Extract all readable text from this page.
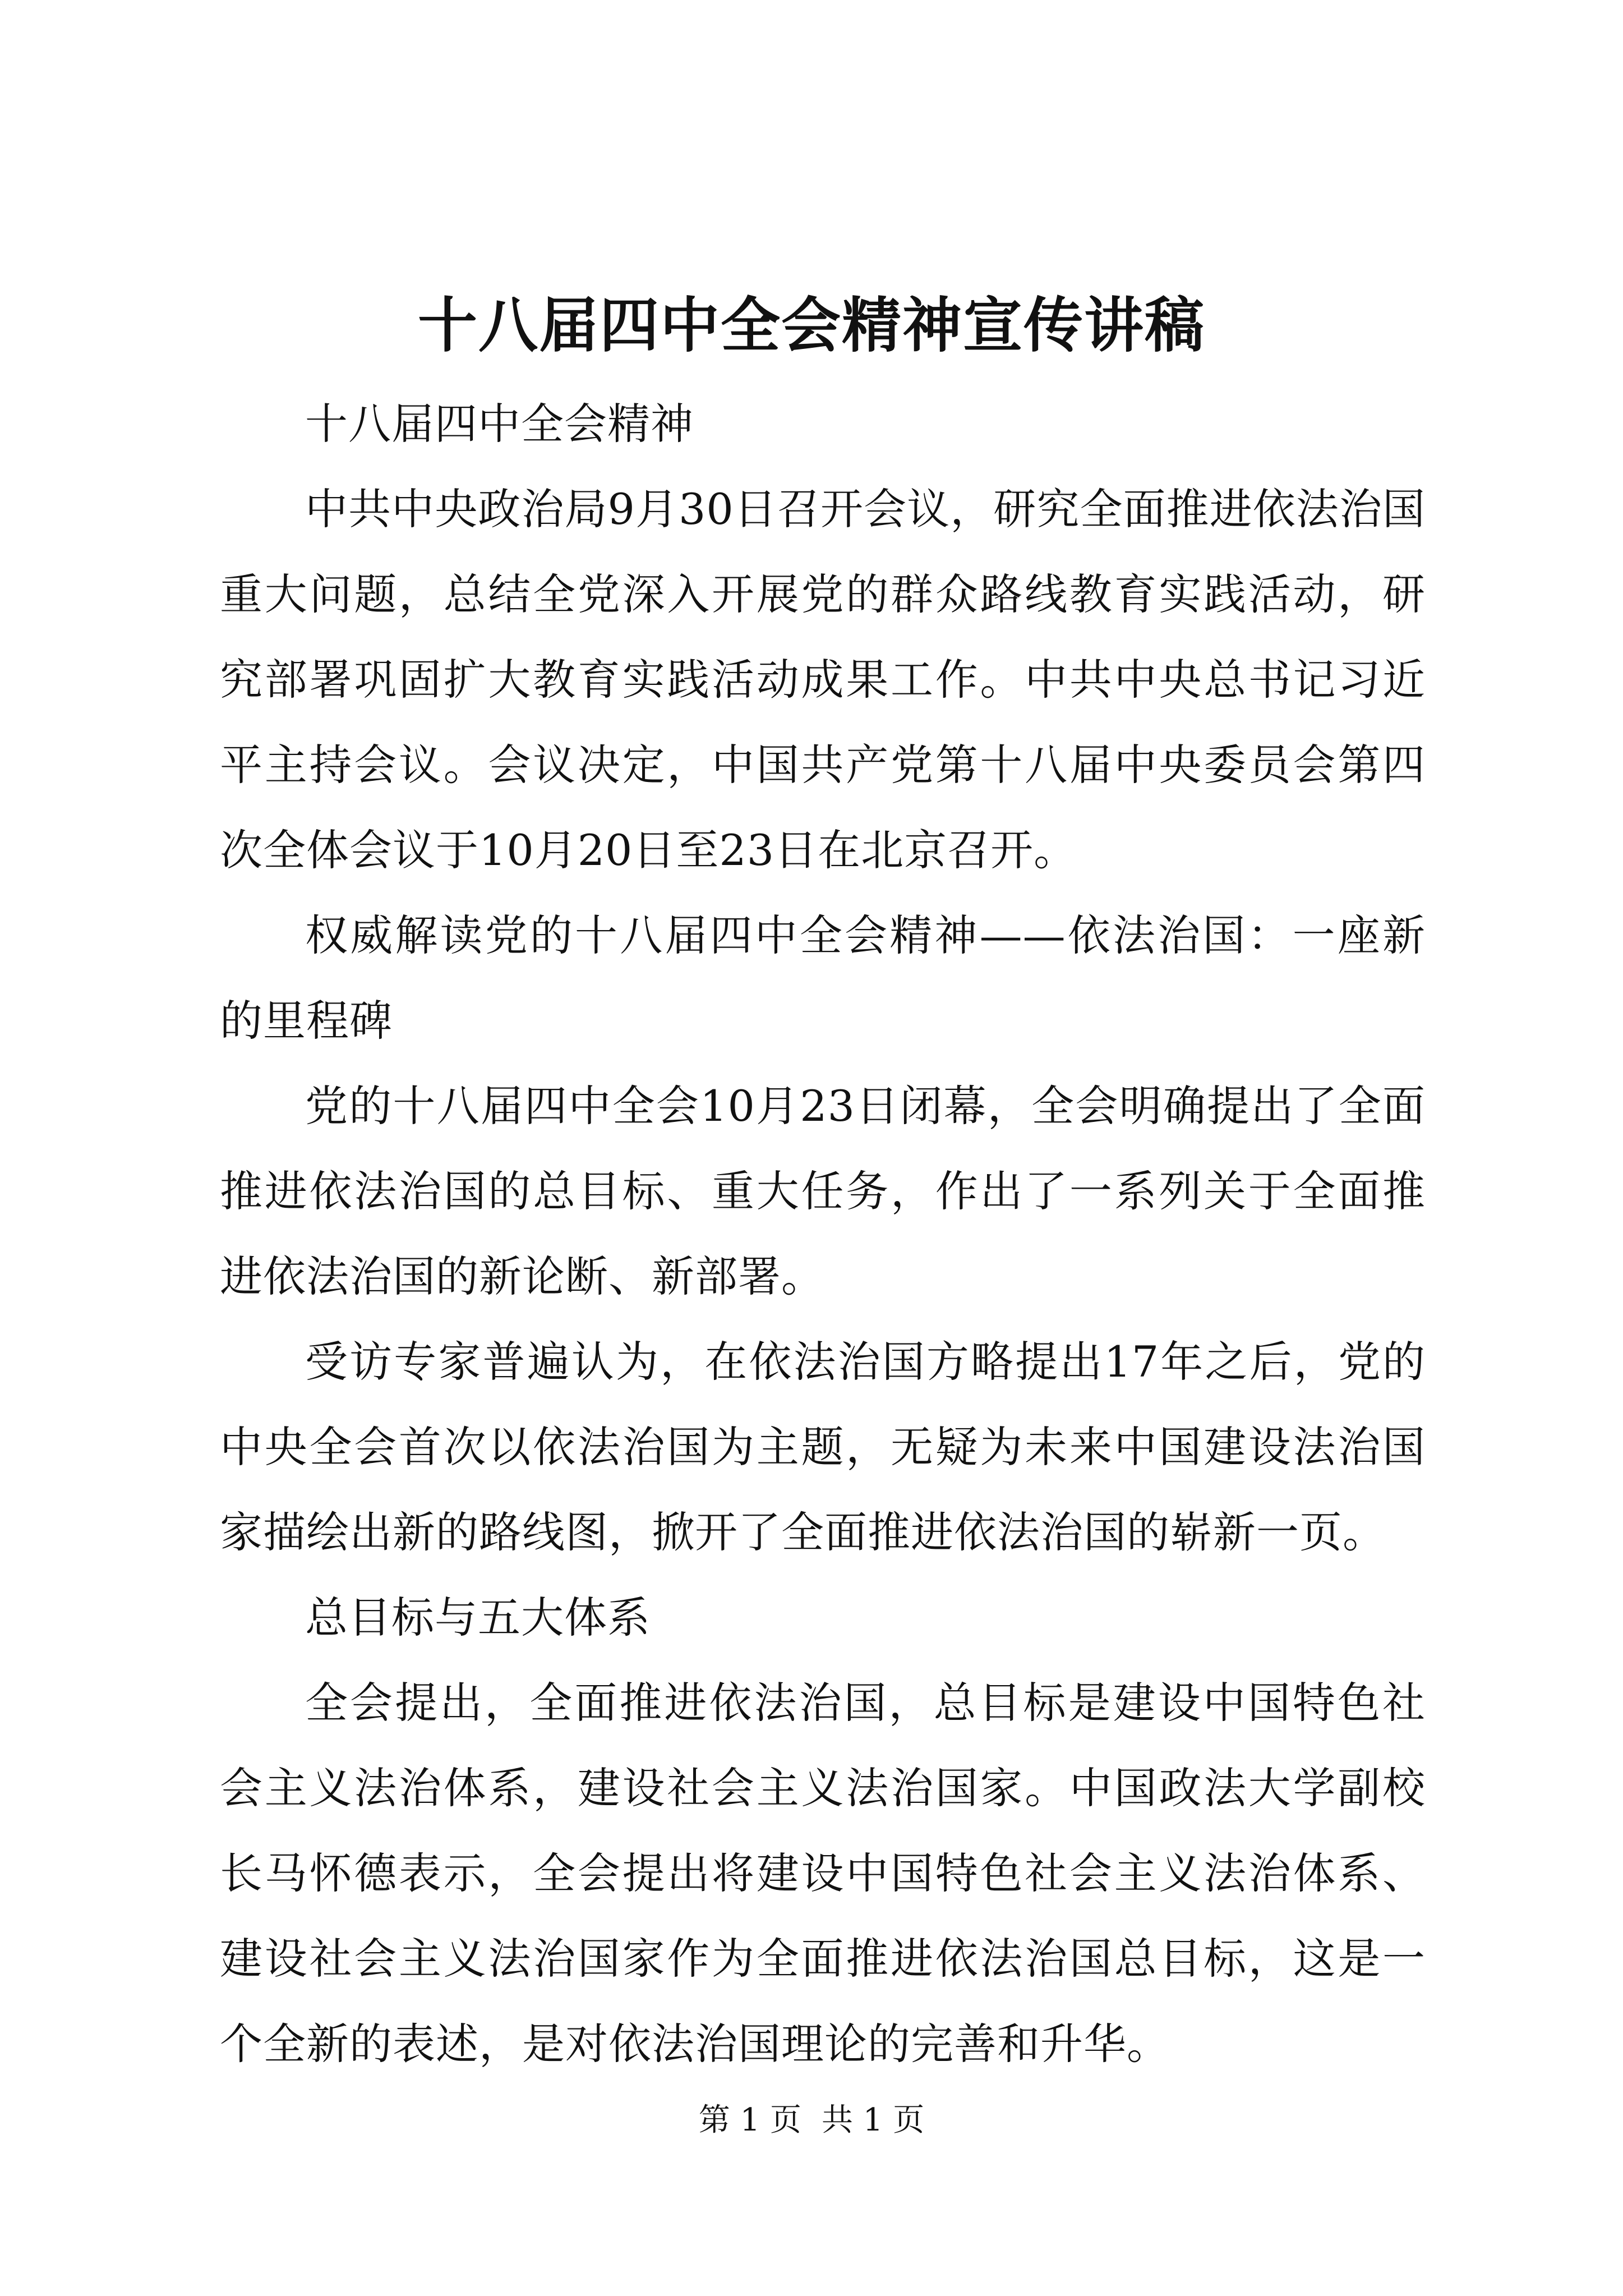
十八届四中全会精神宣传讲稿

十八届四中全会精神

中共中央政治局9月30日召开会议，研究全面推进依法治国重大问题，总结全党深入开展党的群众路线教育实践活动，研究部署巩固扩大教育实践活动成果工作。中共中央总书记习近平主持会议。会议决定，中国共产党第十八届中央委员会第四次全体会议于10月20日至23日在北京召开。

权威解读党的十八届四中全会精神——依法治国：一座新的里程碑

党的十八届四中全会10月23日闭幕，全会明确提出了全面推进依法治国的总目标、重大任务，作出了一系列关于全面推进依法治国的新论断、新部署。

受访专家普遍认为，在依法治国方略提出17年之后，党的中央全会首次以依法治国为主题，无疑为未来中国建设法治国家描绘出新的路线图，掀开了全面推进依法治国的崭新一页。

总目标与五大体系

全会提出，全面推进依法治国，总目标是建设中国特色社会主义法治体系，建设社会主义法治国家。中国政法大学副校长马怀德表示，全会提出将建设中国特色社会主义法治体系、建设社会主义法治国家作为全面推进依法治国总目标，这是一个全新的表述，是对依法治国理论的完善和升华。

第 1 页 共 1 页
